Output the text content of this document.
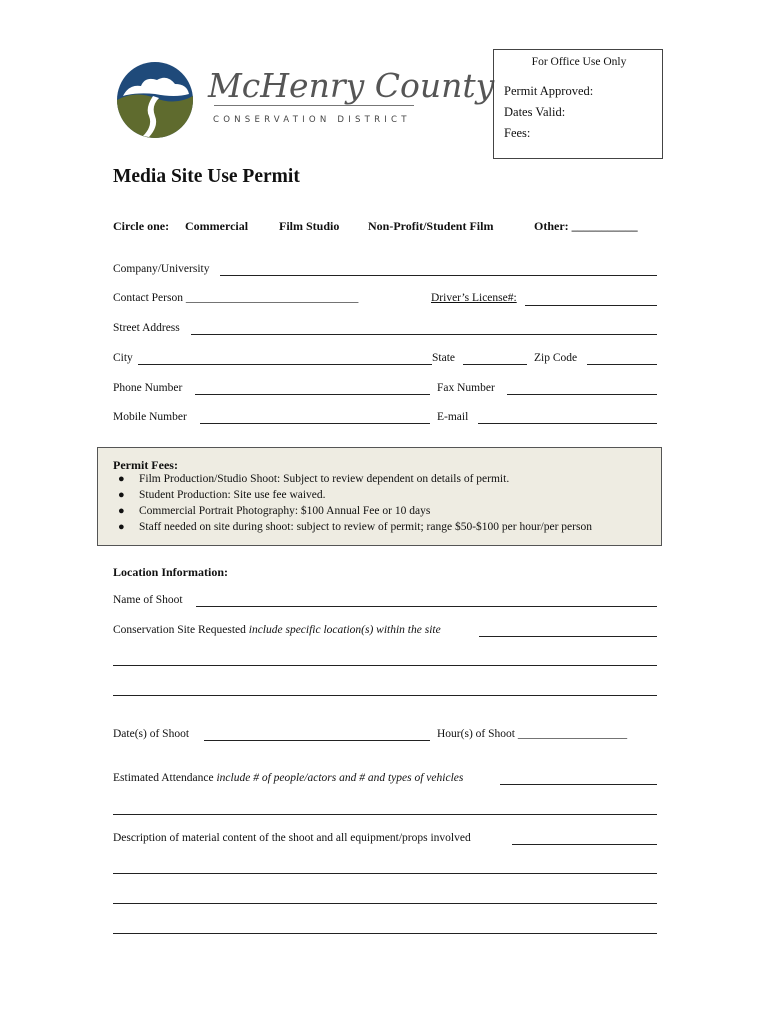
McHenry County
CONSERVATION DISTRICT
For Office Use Only
Permit Approved:
Dates Valid:
Fees:
Media Site Use Permit
Circle one: Commercial	Film Studio Non-Profit/Student Film	Other: ___________
Company/University
Contact Person ______________________________	Driver’s License#:
Street Address
City	State	Zip Code
Phone Number	Fax Number
Mobile Number	E-mail
Permit Fees:
● Film Production/Studio Shoot: Subject to review dependent on details of permit.
● Student Production: Site use fee waived.
● Commercial Portrait Photography: $100 Annual Fee or 10 days
● Staff needed on site during shoot: subject to review of permit; range $50-$100 per hour/per person
Location Information:
Name of Shoot
Conservation Site Requested include specific location(s) within the site
Date(s) of Shoot	Hour(s) of Shoot ___________________
Estimated Attendance include # of people/actors and # and types of vehicles
Description of material content of the shoot and all equipment/props involved
